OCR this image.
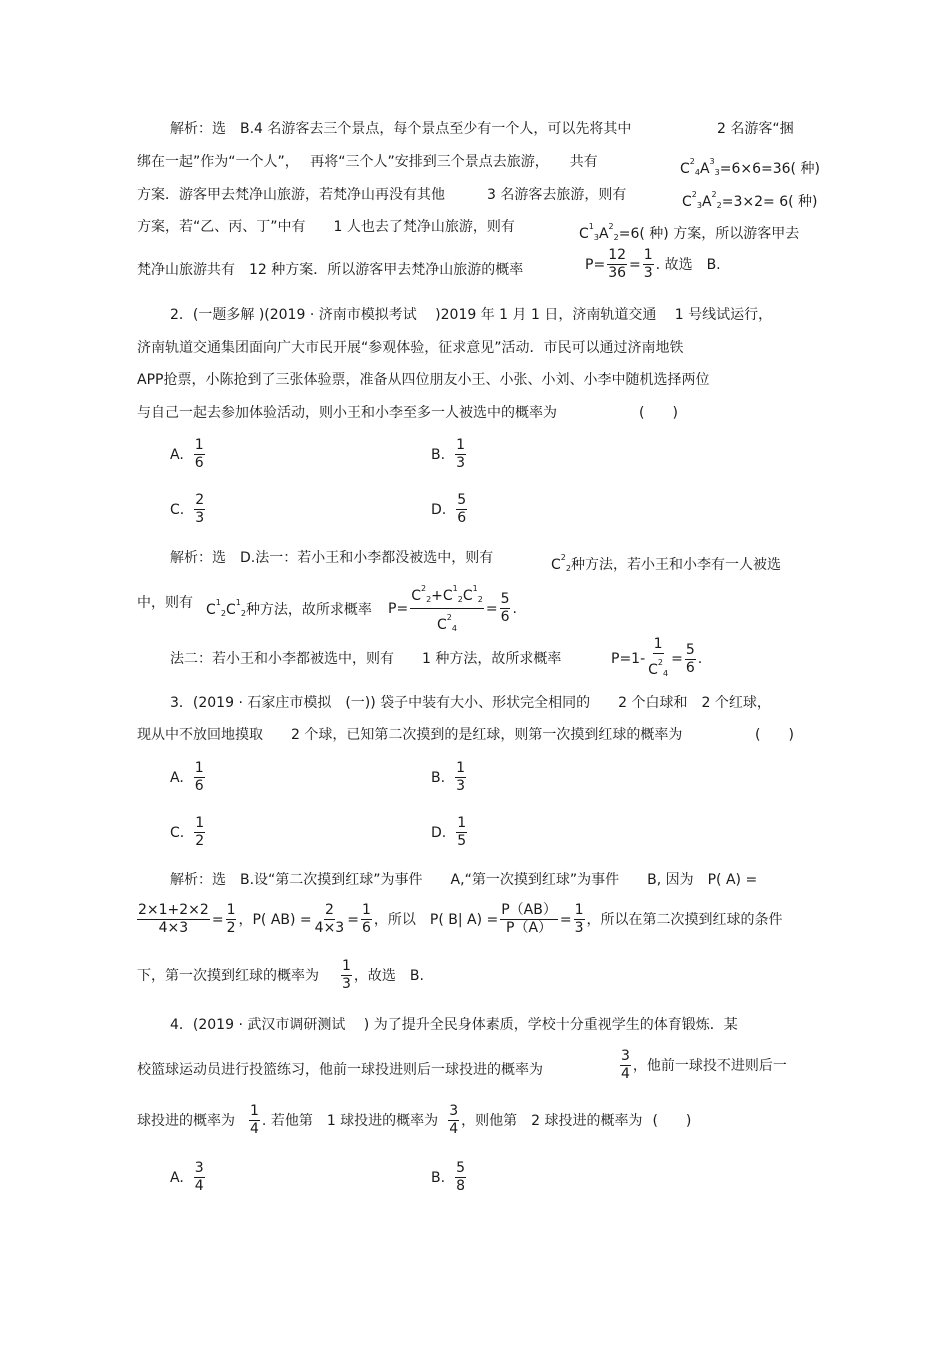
解析：选　B.4 名游客去三个景点，每个景点至少有一个人，可以先将其中	2 名游客“捆
绑在一起”作为“一个人”，　 再将“三个人”安排到三个景点去旅游，　　共有	$C^2_4A^3_3=6\times 6=36$( 种)
方案．游客甲去梵净山旅游，若梵净山再没有其他　　　3 名游客去旅游，则有	$C^2_3A^2_2=3\times 2= 6$( 种)
方案，若“乙、丙、丁”中有　　1 人也去了梵净山旅游，则有	$C^1_3A^2_2=6$( 种) 方案，所以游客甲去
梵净山旅游共有　12 种方案．所以游客甲去梵净山旅游的概率	$P= \frac{12}{36} = \frac{1}{3}$ . 故选　B.
2．(一题多解 )(2019 · 济南市模拟考试　 )2019 年 1 月 1 日，济南轨道交通　 1 号线试运行，
济南轨道交通集团面向广大市民开展“参观体验，征求意见”活动．市民可以通过济南地铁
APP抢票，小陈抢到了三张体验票，准备从四位朋友小王、小张、小刘、小李中随机选择两位
与自己一起去参加体验活动，则小王和小李至多一人被选中的概率为	(　　)
A. $\frac{1}{6}$	B. $\frac{1}{3}$
C. $\frac{2}{3}$	D. $\frac{5}{6}$
解析：选　D.法一：若小王和小李都没被选中，则有	$C^2_2$种方法，若小王和小李有一人被选
中，则有 $C^1_2C^1_2$种方法，故所求概率 $P= \frac{C^2_2+C^1_2C^1_2}{C^2_4} = \frac{5}{6}$ .
法二：若小王和小李都被选中，则有　　1 种方法，故所求概率	$P=1- \frac{1}{C^2_4} = \frac{5}{6}$ .
3．(2019 · 石家庄市模拟　(一)) 袋子中装有大小、形状完全相同的　　2 个白球和　2 个红球，
现从中不放回地摸取　　2 个球，已知第二次摸到的是红球，则第一次摸到红球的概率为	(　　)
A. $\frac{1}{6}$	B. $\frac{1}{3}$
C. $\frac{1}{2}$	D. $\frac{1}{5}$
解析：选　B.设“第二次摸到红球”为事件　　A,“第一次摸到红球”为事件　　B, 因为　P( A) =
$\frac{2\times 1+2\times 2}{4\times 3} = \frac{1}{2}$ ，P( $AB) = \frac{2}{4\times 3} = \frac{1}{6}$ ，所以　P( B| $A) = \frac{P(AB)}{P(A)} = \frac{1}{3}$ ，所以在第二次摸到红球的条件
下，第一次摸到红球的概率为 $\frac{1}{3}$ ，故选　B.
4．(2019 · 武汉市调研测试　 ) 为了提升全民身体素质，学校十分重视学生的体育锻炼．某
校篮球运动员进行投篮练习，他前一球投进则后一球投进的概率为	$\frac{3}{4}$ ，他前一球投不进则后一
球投进的概率为 $\frac{1}{4}$ . 若他第　1 球投进的概率为 $\frac{3}{4}$ ，则他第　2 球投进的概率为 (　　)
A. $\frac{3}{4}$	B. $\frac{5}{8}$
